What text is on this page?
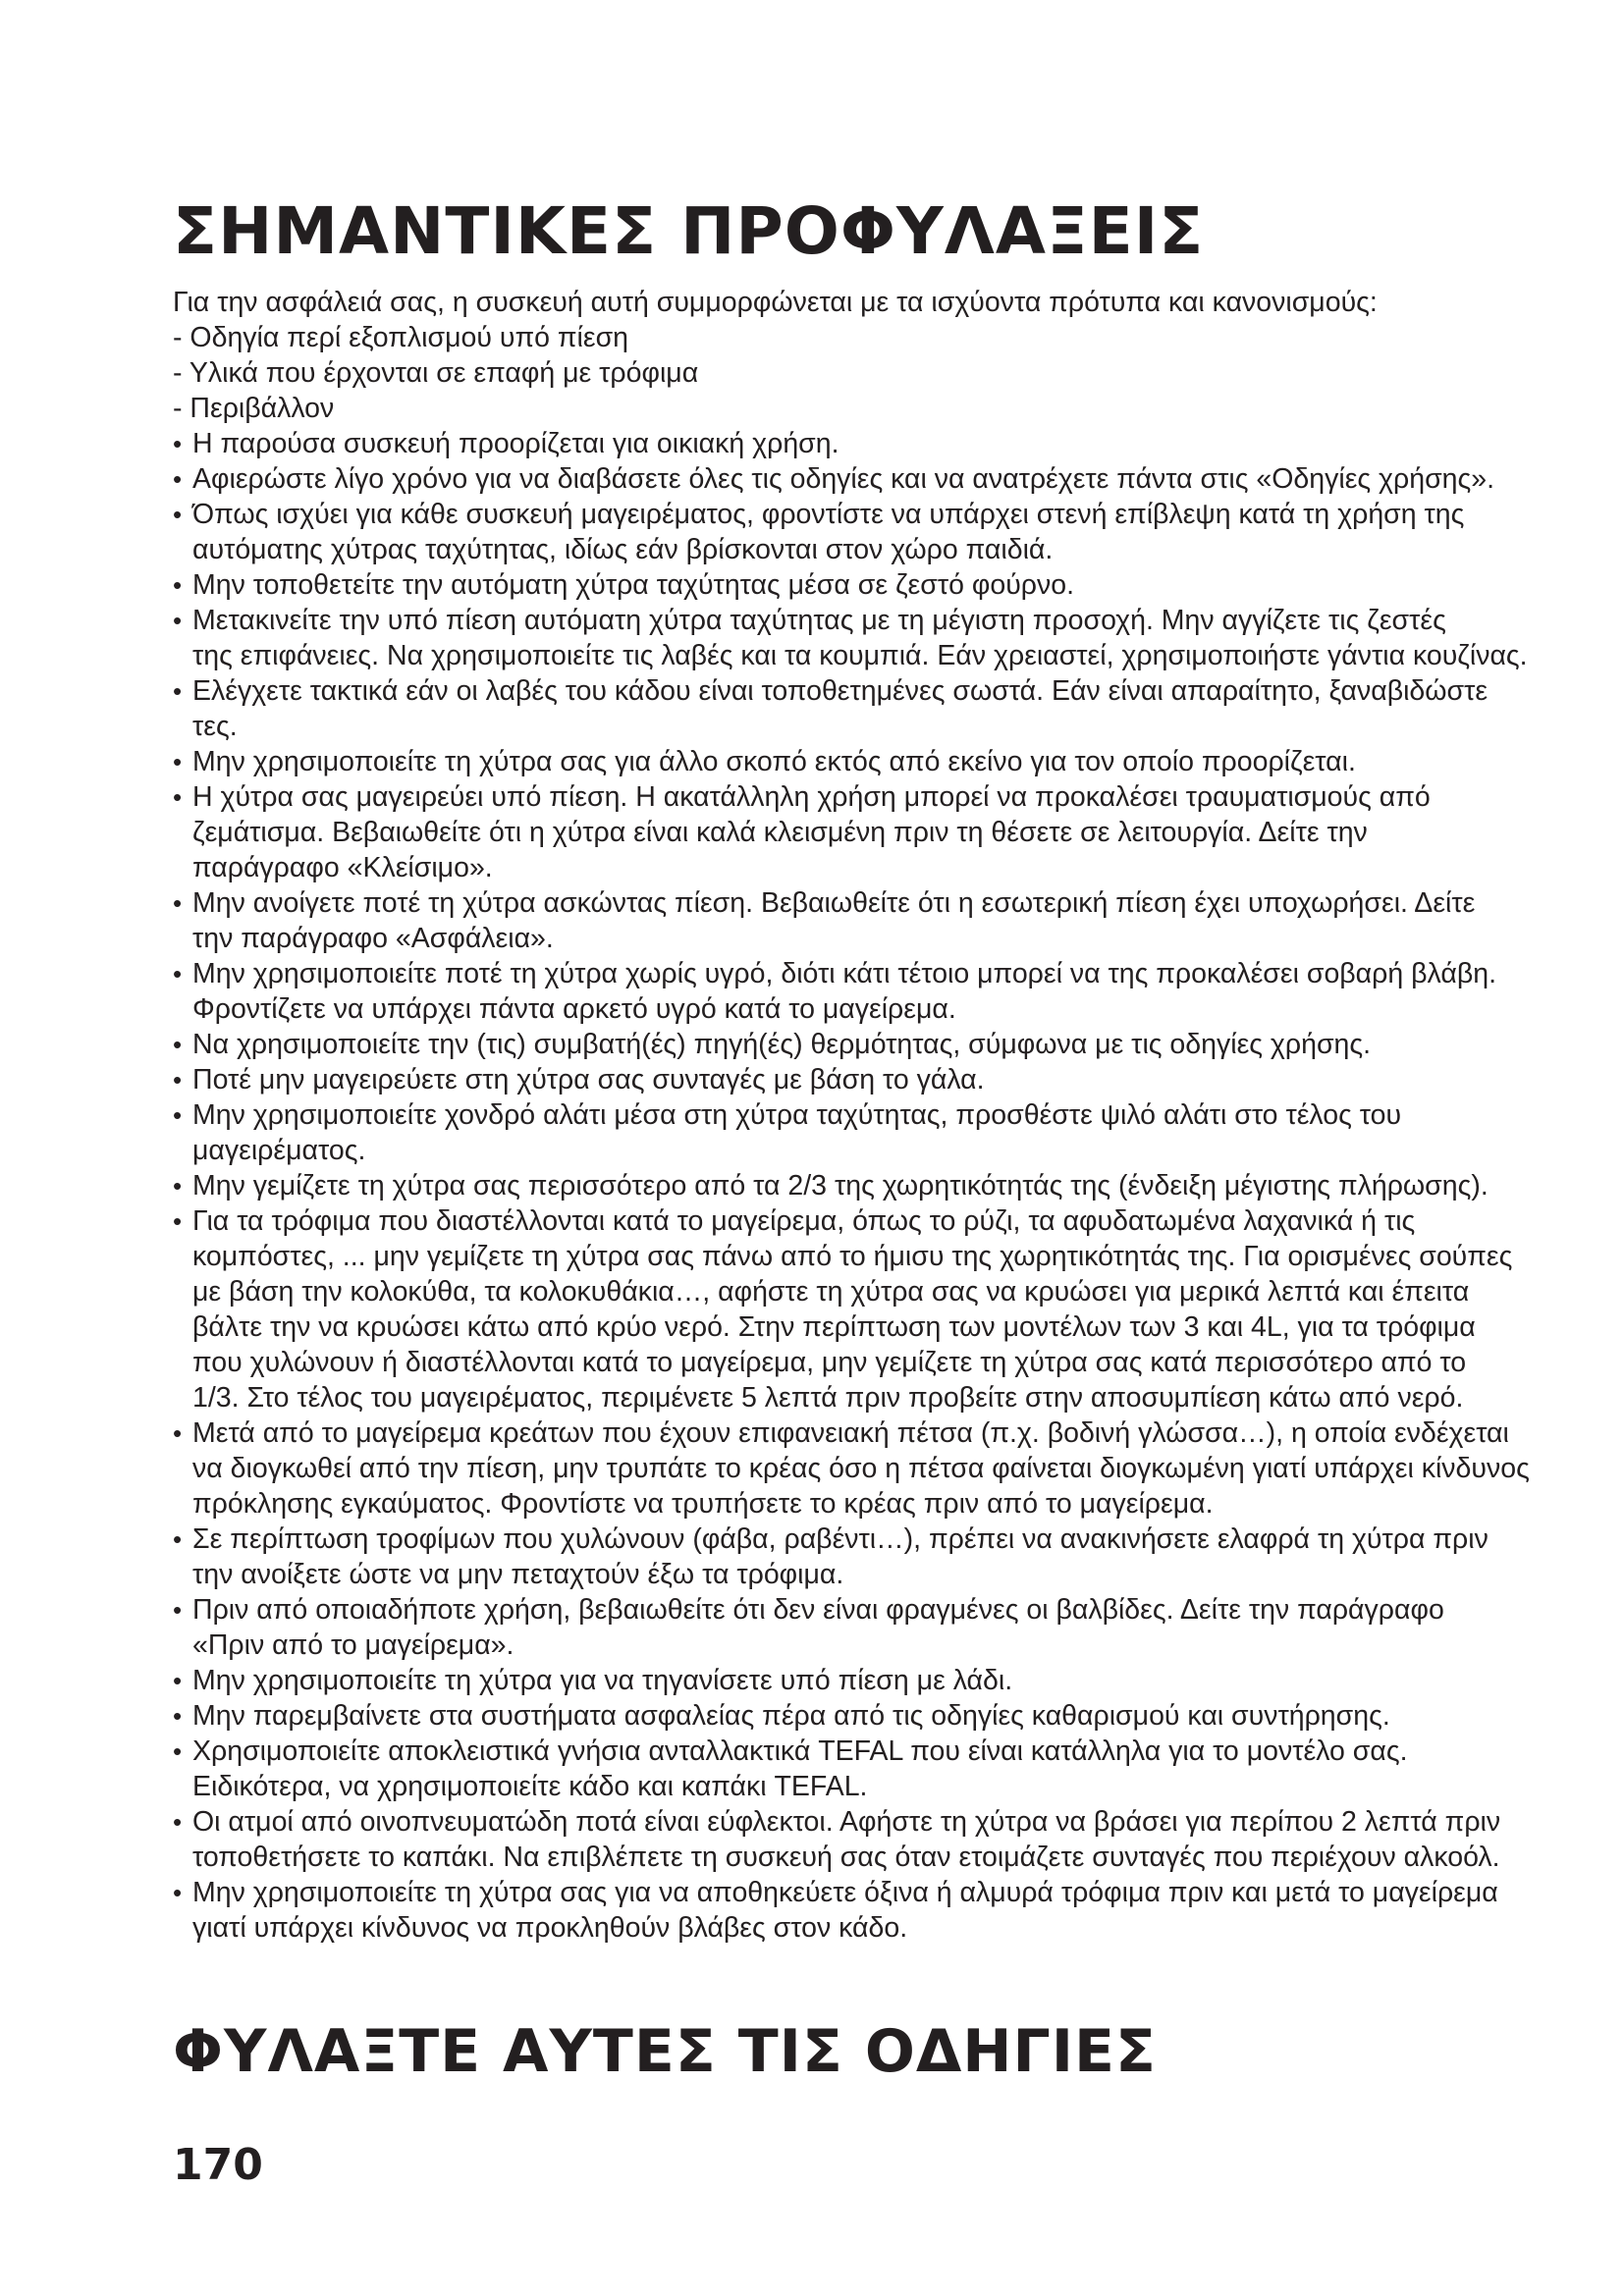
ΣΗΜΑΝΤΙΚΕΣ ΠΡΟΦΥΛΑΞΕΙΣ
Για την ασφάλειά σας, η συσκευή αυτή συμμορφώνεται με τα ισχύοντα πρότυπα και κανονισμούς:
- Οδηγία περί εξοπλισμού υπό πίεση
- Υλικά που έρχονται σε επαφή με τρόφιμα
- Περιβάλλον
• Η παρούσα συσκευή προορίζεται για οικιακή χρήση.
• Αφιερώστε λίγο χρόνο για να διαβάσετε όλες τις οδηγίες και να ανατρέχετε πάντα στις «Οδηγίες χρήσης».
• Όπως ισχύει για κάθε συσκευή μαγειρέματος, φροντίστε να υπάρχει στενή επίβλεψη κατά τη χρήση της
αυτόματης χύτρας ταχύτητας, ιδίως εάν βρίσκονται στον χώρο παιδιά.
• Μην τοποθετείτε την αυτόματη χύτρα ταχύτητας μέσα σε ζεστό φούρνο.
• Μετακινείτε την υπό πίεση αυτόματη χύτρα ταχύτητας με τη μέγιστη προσοχή. Μην αγγίζετε τις ζεστές
της επιφάνειες. Να χρησιμοποιείτε τις λαβές και τα κουμπιά. Εάν χρειαστεί, χρησιμοποιήστε γάντια κουζίνας.
• Ελέγχετε τακτικά εάν οι λαβές του κάδου είναι τοποθετημένες σωστά. Εάν είναι απαραίτητο, ξαναβιδώστε
τες.
• Μην χρησιμοποιείτε τη χύτρα σας για άλλο σκοπό εκτός από εκείνο για τον οποίο προορίζεται.
• Η χύτρα σας μαγειρεύει υπό πίεση. Η ακατάλληλη χρήση μπορεί να προκαλέσει τραυματισμούς από
ζεμάτισμα. Βεβαιωθείτε ότι η χύτρα είναι καλά κλεισμένη πριν τη θέσετε σε λειτουργία. Δείτε την
παράγραφο «Κλείσιμο».
• Μην ανοίγετε ποτέ τη χύτρα ασκώντας πίεση. Βεβαιωθείτε ότι η εσωτερική πίεση έχει υποχωρήσει. Δείτε
την παράγραφο «Ασφάλεια».
• Μην χρησιμοποιείτε ποτέ τη χύτρα χωρίς υγρό, διότι κάτι τέτοιο μπορεί να της προκαλέσει σοβαρή βλάβη.
Φροντίζετε να υπάρχει πάντα αρκετό υγρό κατά το μαγείρεμα.
• Να χρησιμοποιείτε την (τις) συμβατή(ές) πηγή(ές) θερμότητας, σύμφωνα με τις οδηγίες χρήσης.
• Ποτέ μην μαγειρεύετε στη χύτρα σας συνταγές με βάση το γάλα.
• Μην χρησιμοποιείτε χονδρό αλάτι μέσα στη χύτρα ταχύτητας, προσθέστε ψιλό αλάτι στο τέλος του
μαγειρέματος.
• Μην γεμίζετε τη χύτρα σας περισσότερο από τα 2/3 της χωρητικότητάς της (ένδειξη μέγιστης πλήρωσης).
• Για τα τρόφιμα που διαστέλλονται κατά το μαγείρεμα, όπως το ρύζι, τα αφυδατωμένα λαχανικά ή τις
κομπόστες, ... μην γεμίζετε τη χύτρα σας πάνω από το ήμισυ της χωρητικότητάς της. Για ορισμένες σούπες
με βάση την κολοκύθα, τα κολοκυθάκια…, αφήστε τη χύτρα σας να κρυώσει για μερικά λεπτά και έπειτα
βάλτε την να κρυώσει κάτω από κρύο νερό. Στην περίπτωση των μοντέλων των 3 και 4L, για τα τρόφιμα
που χυλώνουν ή διαστέλλονται κατά το μαγείρεμα, μην γεμίζετε τη χύτρα σας κατά περισσότερο από το
1/3. Στο τέλος του μαγειρέματος, περιμένετε 5 λεπτά πριν προβείτε στην αποσυμπίεση κάτω από νερό.
• Μετά από το μαγείρεμα κρεάτων που έχουν επιφανειακή πέτσα (π.χ. βοδινή γλώσσα…), η οποία ενδέχεται
να διογκωθεί από την πίεση, μην τρυπάτε το κρέας όσο η πέτσα φαίνεται διογκωμένη γιατί υπάρχει κίνδυνος
πρόκλησης εγκαύματος. Φροντίστε να τρυπήσετε το κρέας πριν από το μαγείρεμα.
• Σε περίπτωση τροφίμων που χυλώνουν (φάβα, ραβέντι…), πρέπει να ανακινήσετε ελαφρά τη χύτρα πριν
την ανοίξετε ώστε να μην πεταχτούν έξω τα τρόφιμα.
• Πριν από οποιαδήποτε χρήση, βεβαιωθείτε ότι δεν είναι φραγμένες οι βαλβίδες. Δείτε την παράγραφο
«Πριν από το μαγείρεμα».
• Μην χρησιμοποιείτε τη χύτρα για να τηγανίσετε υπό πίεση με λάδι.
• Μην παρεμβαίνετε στα συστήματα ασφαλείας πέρα από τις οδηγίες καθαρισμού και συντήρησης.
• Χρησιμοποιείτε αποκλειστικά γνήσια ανταλλακτικά TEFAL που είναι κατάλληλα για το μοντέλο σας.
Ειδικότερα, να χρησιμοποιείτε κάδο και καπάκι TEFAL.
• Οι ατμοί από οινοπνευματώδη ποτά είναι εύφλεκτοι. Αφήστε τη χύτρα να βράσει για περίπου 2 λεπτά πριν
τοποθετήσετε το καπάκι. Να επιβλέπετε τη συσκευή σας όταν ετοιμάζετε συνταγές που περιέχουν αλκοόλ.
• Μην χρησιμοποιείτε τη χύτρα σας για να αποθηκεύετε όξινα ή αλμυρά τρόφιμα πριν και μετά το μαγείρεμα
γιατί υπάρχει κίνδυνος να προκληθούν βλάβες στον κάδο.
ΦΥΛΑΞΤΕ ΑΥΤΕΣ ΤΙΣ ΟΔΗΓΙΕΣ
170
